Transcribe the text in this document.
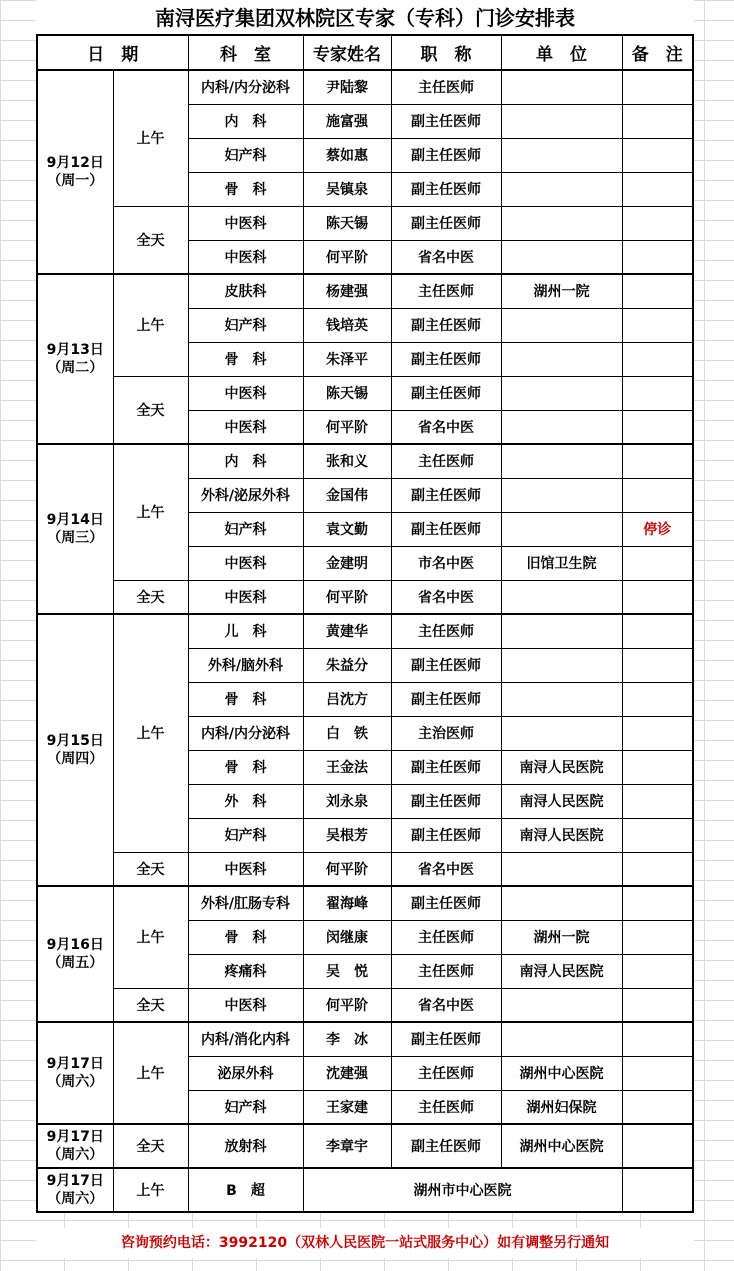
南浔医疗集团双林院区专家（专科）门诊安排表
日　期		科　室	专家姓名	职　称	单　位	备　注

9月12日
（周一）	上午	内科/内分泌科	尹陆黎	主任医师		
		内　科	施富强	副主任医师		
		妇产科	蔡如惠	副主任医师		
		骨　科	吴镇泉	副主任医师		
	全天	中医科	陈天锡	副主任医师		
		中医科	何平阶	省名中医		

9月13日
（周二）	上午	皮肤科	杨建强	主任医师	湖州一院	
		妇产科	钱培英	副主任医师		
		骨　科	朱泽平	副主任医师		
	全天	中医科	陈天锡	副主任医师		
		中医科	何平阶	省名中医		

9月14日
（周三）	上午	内　科	张和义	主任医师		
		外科/泌尿外科	金国伟	副主任医师		
		妇产科	袁文勤	副主任医师		停诊
		中医科	金建明	市名中医	旧馆卫生院	
	全天	中医科	何平阶	省名中医		

9月15日
（周四）	上午	儿　科	黄建华	主任医师		
		外科/脑外科	朱益分	副主任医师		
		骨　科	吕沈方	副主任医师		
		内科/内分泌科	白　铁	主治医师		
		骨　科	王金法	副主任医师	南浔人民医院	
		外　科	刘永泉	副主任医师	南浔人民医院	
		妇产科	吴根芳	副主任医师	南浔人民医院	
	全天	中医科	何平阶	省名中医		

9月16日
（周五）	上午	外科/肛肠专科	翟海峰	副主任医师		
		骨　科	闵继康	主任医师	湖州一院	
		疼痛科	吴　悦	主任医师	南浔人民医院	
	全天	中医科	何平阶	省名中医		

9月17日
（周六）	上午	内科/消化内科	李　冰	副主任医师		
		泌尿外科	沈建强	主任医师	湖州中心医院	
		妇产科	王家建	主任医师	湖州妇保院	

9月17日
（周六）	全天	放射科	李章宇	副主任医师	湖州中心医院	

9月17日
（周六）	上午	B　超	湖州市中心医院			
咨询预约电话：3992120（双林人民医院一站式服务中心）如有调整另行通知
